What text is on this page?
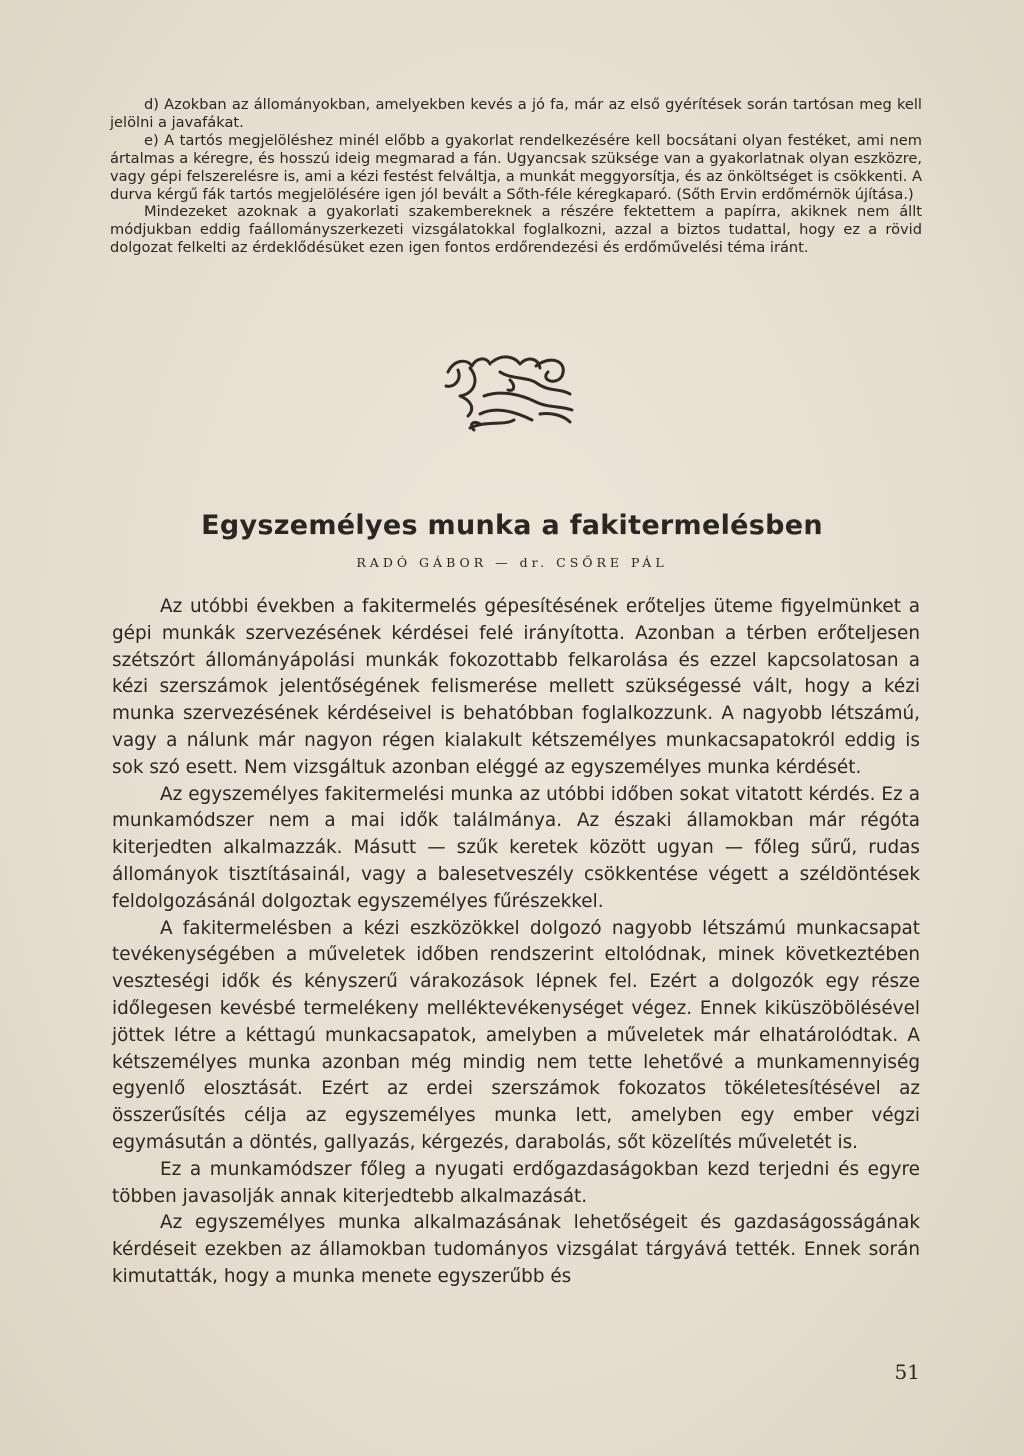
d) Azokban az állományokban, amelyekben kevés a jó fa, már az első gyérítések során tartósan meg kell jelölni a javafákat.

e) A tartós megjelöléshez minél előbb a gyakorlat rendelkezésére kell bocsátani olyan festéket, ami nem ártalmas a kéregre, és hosszú ideig megmarad a fán. Ugyancsak szüksége van a gyakorlatnak olyan eszközre, vagy gépi felszerelésre is, ami a kézi festést felváltja, a munkát meggyorsítja, és az önköltséget is csökkenti. A durva kérgű fák tartós megjelölésére igen jól bevált a Sőth-féle kéregkaparó. (Sőth Ervin erdőmérnök újítása.)

Mindezeket azoknak a gyakorlati szakembereknek a részére fektettem a papírra, akiknek nem állt módjukban eddig faállományszerkezeti vizsgálatokkal foglalkozni, azzal a biztos tudattal, hogy ez a rövid dolgozat felkelti az érdeklődésüket ezen igen fontos erdőrendezési és erdőművelési téma iránt.

Egyszemélyes munka a fakitermelésben
RADÓ GÁBOR — dr. CSŐRE PÁL

Az utóbbi években a fakitermelés gépesítésének erőteljes üteme figyelmünket a gépi munkák szervezésének kérdései felé irányította. Azonban a térben erőteljesen szétszórt állományápolási munkák fokozottabb felkarolása és ezzel kapcsolatosan a kézi szerszámok jelentőségének felismerése mellett szükségessé vált, hogy a kézi munka szervezésének kérdéseivel is behatóbban foglalkozzunk. A nagyobb létszámú, vagy a nálunk már nagyon régen kialakult kétszemélyes munkacsapatokról eddig is sok szó esett. Nem vizsgáltuk azonban eléggé az egyszemélyes munka kérdését.

Az egyszemélyes fakitermelési munka az utóbbi időben sokat vitatott kérdés. Ez a munkamódszer nem a mai idők találmánya. Az északi államokban már régóta kiterjedten alkalmazzák. Másutt — szűk keretek között ugyan — főleg sűrű, rudas állományok tisztításainál, vagy a balesetveszély csökkentése végett a széldöntések feldolgozásánál dolgoztak egyszemélyes fűrészekkel.

A fakitermelésben a kézi eszközökkel dolgozó nagyobb létszámú munkacsapat tevékenységében a műveletek időben rendszerint eltolódnak, minek következtében veszteségi idők és kényszerű várakozások lépnek fel. Ezért a dolgozók egy része időlegesen kevésbé termelékeny melléktevékenységet végez. Ennek kiküszöbölésével jöttek létre a kéttagú munkacsapatok, amelyben a műveletek már elhatárolódtak. A kétszemélyes munka azonban még mindig nem tette lehetővé a munkamennyiség egyenlő elosztását. Ezért az erdei szerszámok fokozatos tökéletesítésével az összerűsítés célja az egyszemélyes munka lett, amelyben egy ember végzi egymásután a döntés, gallyazás, kérgezés, darabolás, sőt közelítés műveletét is.

Ez a munkamódszer főleg a nyugati erdőgazdaságokban kezd terjedni és egyre többen javasolják annak kiterjedtebb alkalmazását.

Az egyszemélyes munka alkalmazásának lehetőségeit és gazdaságosságának kérdéseit ezekben az államokban tudományos vizsgálat tárgyává tették. Ennek során kimutatták, hogy a munka menete egyszerűbb és

51
